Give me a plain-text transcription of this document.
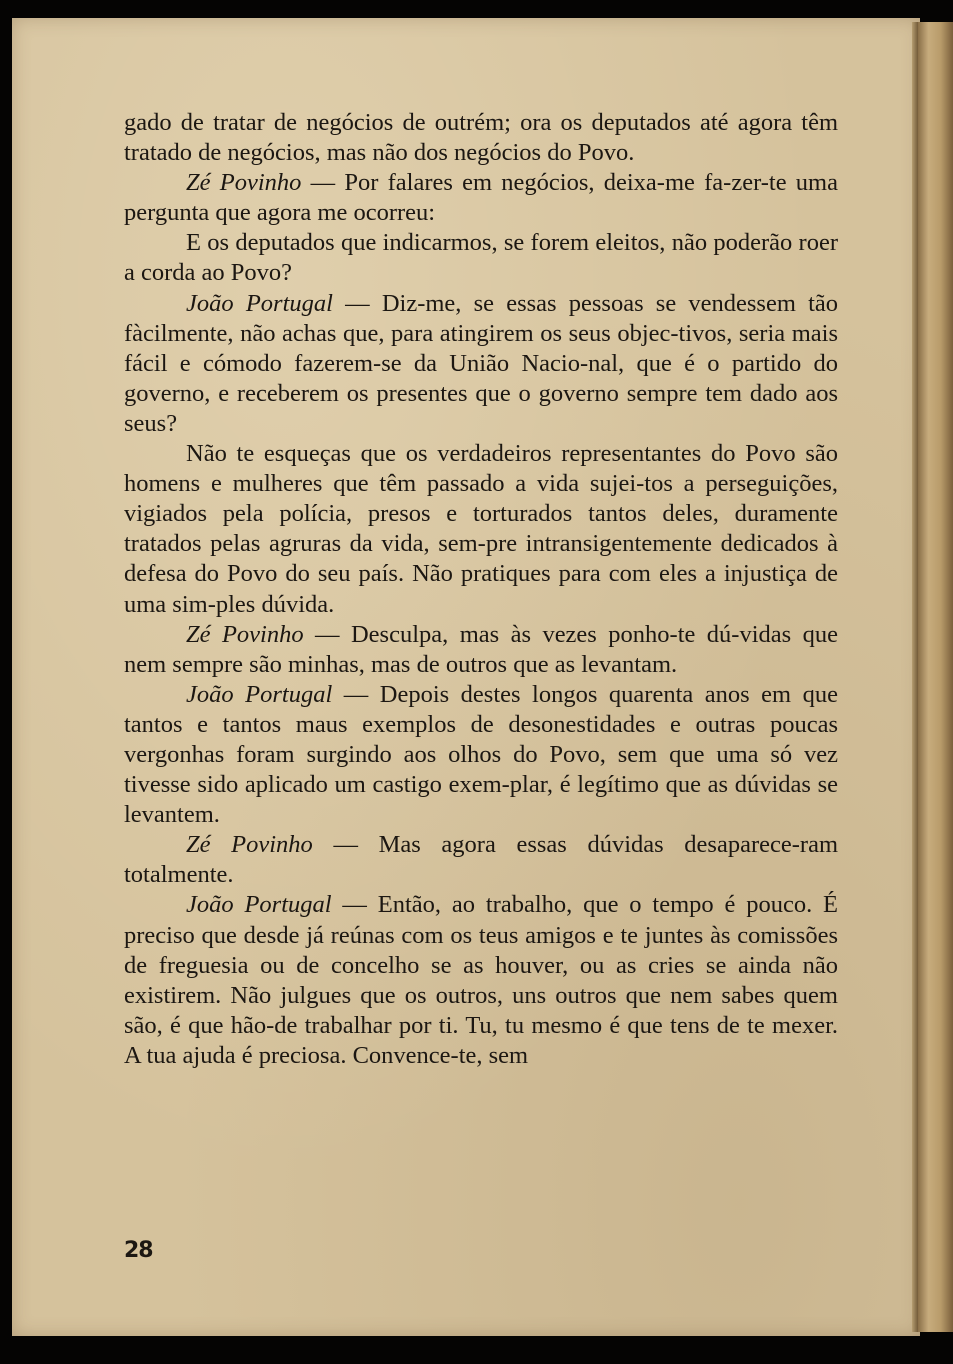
gado de tratar de negócios de outrém; ora os deputados até agora têm tratado de negócios, mas não dos negócios do Povo.

Zé Povinho — Por falares em negócios, deixa-me fa-zer-te uma pergunta que agora me ocorreu:

E os deputados que indicarmos, se forem eleitos, não poderão roer a corda ao Povo?

João Portugal — Diz-me, se essas pessoas se vendessem tão fàcilmente, não achas que, para atingirem os seus objec-tivos, seria mais fácil e cómodo fazerem-se da União Nacio-nal, que é o partido do governo, e receberem os presentes que o governo sempre tem dado aos seus?

Não te esqueças que os verdadeiros representantes do Povo são homens e mulheres que têm passado a vida sujei-tos a perseguições, vigiados pela polícia, presos e torturados tantos deles, duramente tratados pelas agruras da vida, sem-pre intransigentemente dedicados à defesa do Povo do seu país. Não pratiques para com eles a injustiça de uma sim-ples dúvida.

Zé Povinho — Desculpa, mas às vezes ponho-te dú-vidas que nem sempre são minhas, mas de outros que as levantam.

João Portugal — Depois destes longos quarenta anos em que tantos e tantos maus exemplos de desonestidades e outras poucas vergonhas foram surgindo aos olhos do Povo, sem que uma só vez tivesse sido aplicado um castigo exem-plar, é legítimo que as dúvidas se levantem.

Zé Povinho — Mas agora essas dúvidas desaparece-ram totalmente.

João Portugal — Então, ao trabalho, que o tempo é pouco. É preciso que desde já reúnas com os teus amigos e te juntes às comissões de freguesia ou de concelho se as houver, ou as cries se ainda não existirem. Não julgues que os outros, uns outros que nem sabes quem são, é que hão-de trabalhar por ti. Tu, tu mesmo é que tens de te mexer. A tua ajuda é preciosa. Convence-te, sem

28
